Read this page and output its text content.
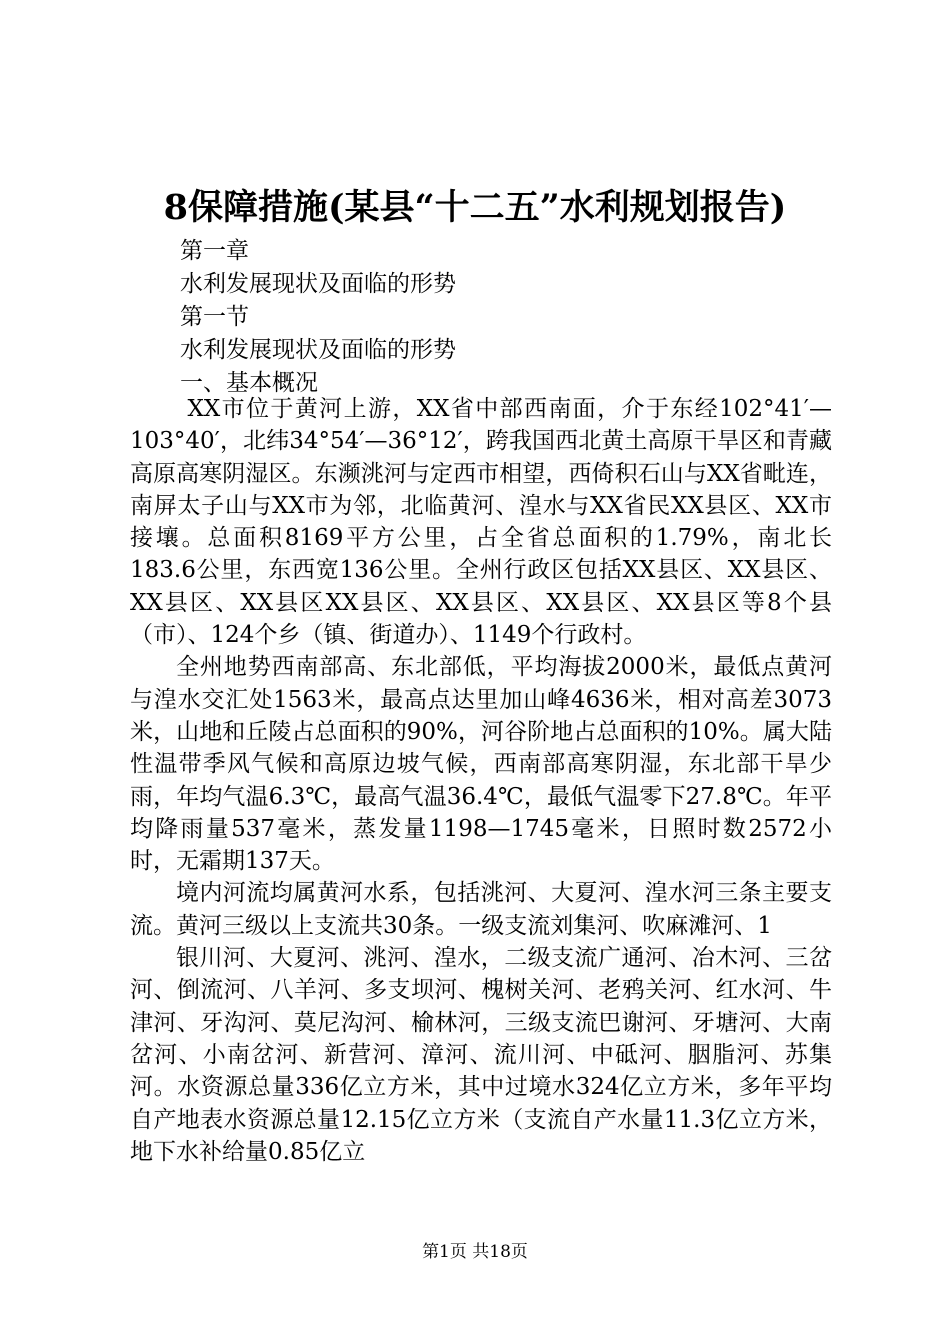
8保障措施(某县“十二五”水利规划报告)
第一章
水利发展现状及面临的形势
第一节
水利发展现状及面临的形势
一、基本概况

XX市位于黄河上游，XX省中部西南面，介于东经102°41′—103°40′，北纬34°54′—36°12′，跨我国西北黄土高原干旱区和青藏高原高寒阴湿区。东濒洮河与定西市相望，西倚积石山与XX省毗连，南屏太子山与XX市为邻，北临黄河、湟水与XX省民XX县区、XX市接壤。总面积8169平方公里，占全省总面积的1.79%，南北长183.6公里，东西宽136公里。全州行政区包括XX县区、XX县区、XX县区、XX县区XX县区、XX县区、XX县区、XX县区等8个县（市）、124个乡（镇、街道办）、1149个行政村。

全州地势西南部高、东北部低，平均海拔2000米，最低点黄河与湟水交汇处1563米，最高点达里加山峰4636米，相对高差3073米，山地和丘陵占总面积的90%，河谷阶地占总面积的10%。属大陆性温带季风气候和高原边坡气候，西南部高寒阴湿，东北部干旱少雨，年均气温6.3℃，最高气温36.4℃，最低气温零下27.8℃。年平均降雨量537毫米，蒸发量1198—1745毫米，日照时数2572小时，无霜期137天。

境内河流均属黄河水系，包括洮河、大夏河、湟水河三条主要支流。黄河三级以上支流共30条。一级支流刘集河、吹麻滩河、1

银川河、大夏河、洮河、湟水，二级支流广通河、冶木河、三岔河、倒流河、八羊河、多支坝河、槐树关河、老鸦关河、红水河、牛津河、牙沟河、莫尼沟河、榆林河，三级支流巴谢河、牙塘河、大南岔河、小南岔河、新营河、漳河、流川河、中砥河、胭脂河、苏集河。水资源总量336亿立方米，其中过境水324亿立方米，多年平均自产地表水资源总量12.15亿立方米（支流自产水量11.3亿立方米，地下水补给量0.85亿立

第1页 共18页
